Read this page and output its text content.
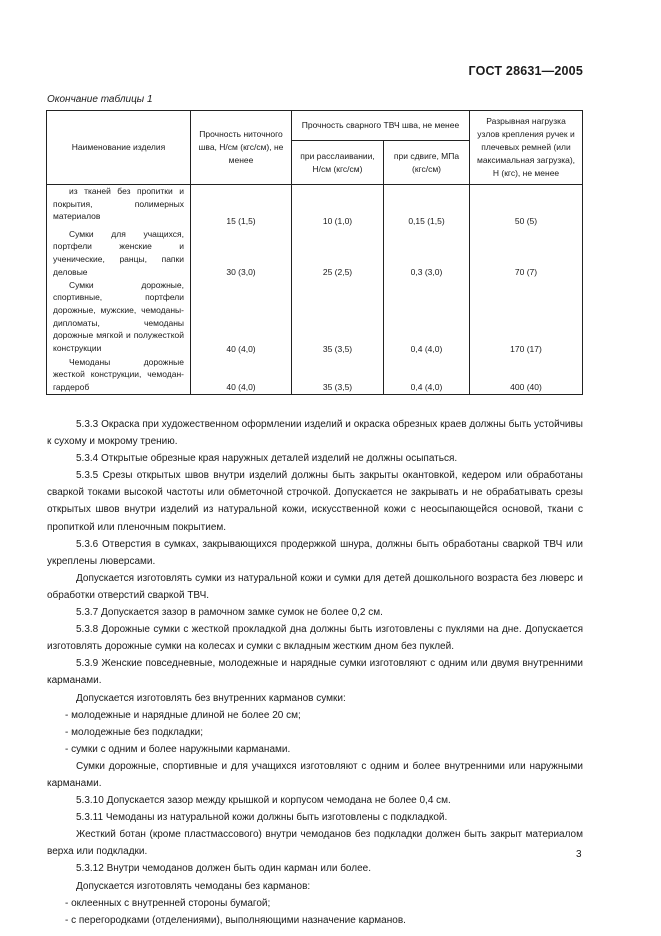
ГОСТ 28631—2005
Окончание таблицы 1
Наименование изделия	Прочность ниточного шва, Н/см (кгс/см), не менее	Прочность сварного ТВЧ шва, не менее		Разрывная нагрузка узлов крепления ручек и плечевых ремней (или максимальная загрузка), Н (кгс), не менее
		при расслаивании, Н/см (кгс/см)	при сдвиге, МПа (кгс/см)	

из тканей без пропитки и покрытия, полимерных материалов	15 (1,5)	10 (1,0)	0,15 (1,5)	50 (5)

Сумки для учащихся, портфели женские и ученические, ранцы, папки деловые	30 (3,0)	25 (2,5)	0,3 (3,0)	70 (7)

Сумки дорожные, спортивные, портфели дорожные, мужские, чемоданы-дипломаты, чемоданы дорожные мягкой и полужесткой конструкции	40 (4,0)	35 (3,5)	0,4 (4,0)	170 (17)

Чемоданы дорожные жесткой конструкции, чемодан-гардероб	40 (4,0)	35 (3,5)	0,4 (4,0)	400 (40)

5.3.3 Окраска при художественном оформлении изделий и окраска обрезных краев должны быть устойчивы к сухому и мокрому трению.

5.3.4 Открытые обрезные края наружных деталей изделий не должны осыпаться.

5.3.5 Срезы открытых швов внутри изделий должны быть закрыты окантовкой, кедером или обработаны сваркой токами высокой частоты или обметочной строчкой. Допускается не закрывать и не обрабатывать срезы открытых швов внутри изделий из натуральной кожи, искусственной кожи с неосыпающейся основой, ткани с пропиткой или пленочным покрытием.

5.3.6 Отверстия в сумках, закрывающихся продержкой шнура, должны быть обработаны сваркой ТВЧ или укреплены люверсами.

Допускается изготовлять сумки из натуральной кожи и сумки для детей дошкольного возраста без люверс и обработки отверстий сваркой ТВЧ.

5.3.7 Допускается зазор в рамочном замке сумок не более 0,2 см.

5.3.8 Дорожные сумки с жесткой прокладкой дна должны быть изготовлены с пуклями на дне. Допускается изготовлять дорожные сумки на колесах и сумки с вкладным жестким дном без пуклей.

5.3.9 Женские повседневные, молодежные и нарядные сумки изготовляют с одним или двумя внутренними карманами.

Допускается изготовлять без внутренних карманов сумки:

- молодежные и нарядные длиной не более 20 см;

- молодежные без подкладки;

- сумки с одним и более наружными карманами.

Сумки дорожные, спортивные и для учащихся изготовляют с одним и более внутренними или наружными карманами.

5.3.10 Допускается зазор между крышкой и корпусом чемодана не более 0,4 см.

5.3.11 Чемоданы из натуральной кожи должны быть изготовлены с подкладкой.

Жесткий ботан (кроме пластмассового) внутри чемоданов без подкладки должен быть закрыт материалом верха или подкладки.

5.3.12 Внутри чемоданов должен быть один карман или более.

Допускается изготовлять чемоданы без карманов:

- оклеенных с внутренней стороны бумагой;

- с перегородками (отделениями), выполняющими назначение карманов.

3
